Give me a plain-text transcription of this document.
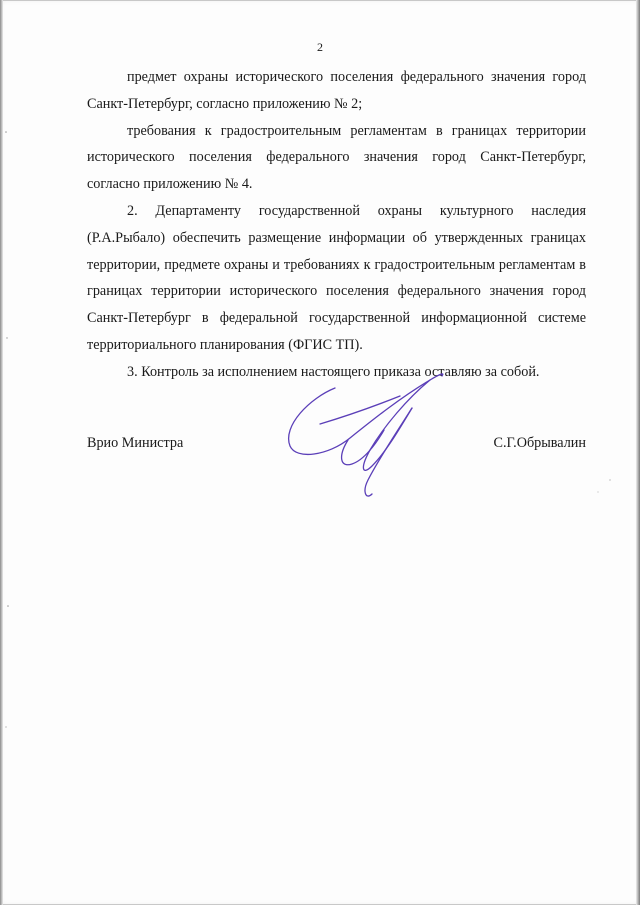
2

предмет охраны исторического поселения федерального значения город Санкт-Петербург, согласно приложению № 2;

требования к градостроительным регламентам в границах территории исторического поселения федерального значения город Санкт-Петербург, согласно приложению № 4.

2. Департаменту государственной охраны культурного наследия (Р.А.Рыбало) обеспечить размещение информации об утвержденных границах территории, предмете охраны и требованиях к градостроительным регламентам в границах территории исторического поселения федерального значения город Санкт-Петербург в федеральной государственной информационной системе территориального планирования (ФГИС ТП).

3. Контроль за исполнением настоящего приказа оставляю за собой.

Врио Министра	С.Г.Обрывалин
